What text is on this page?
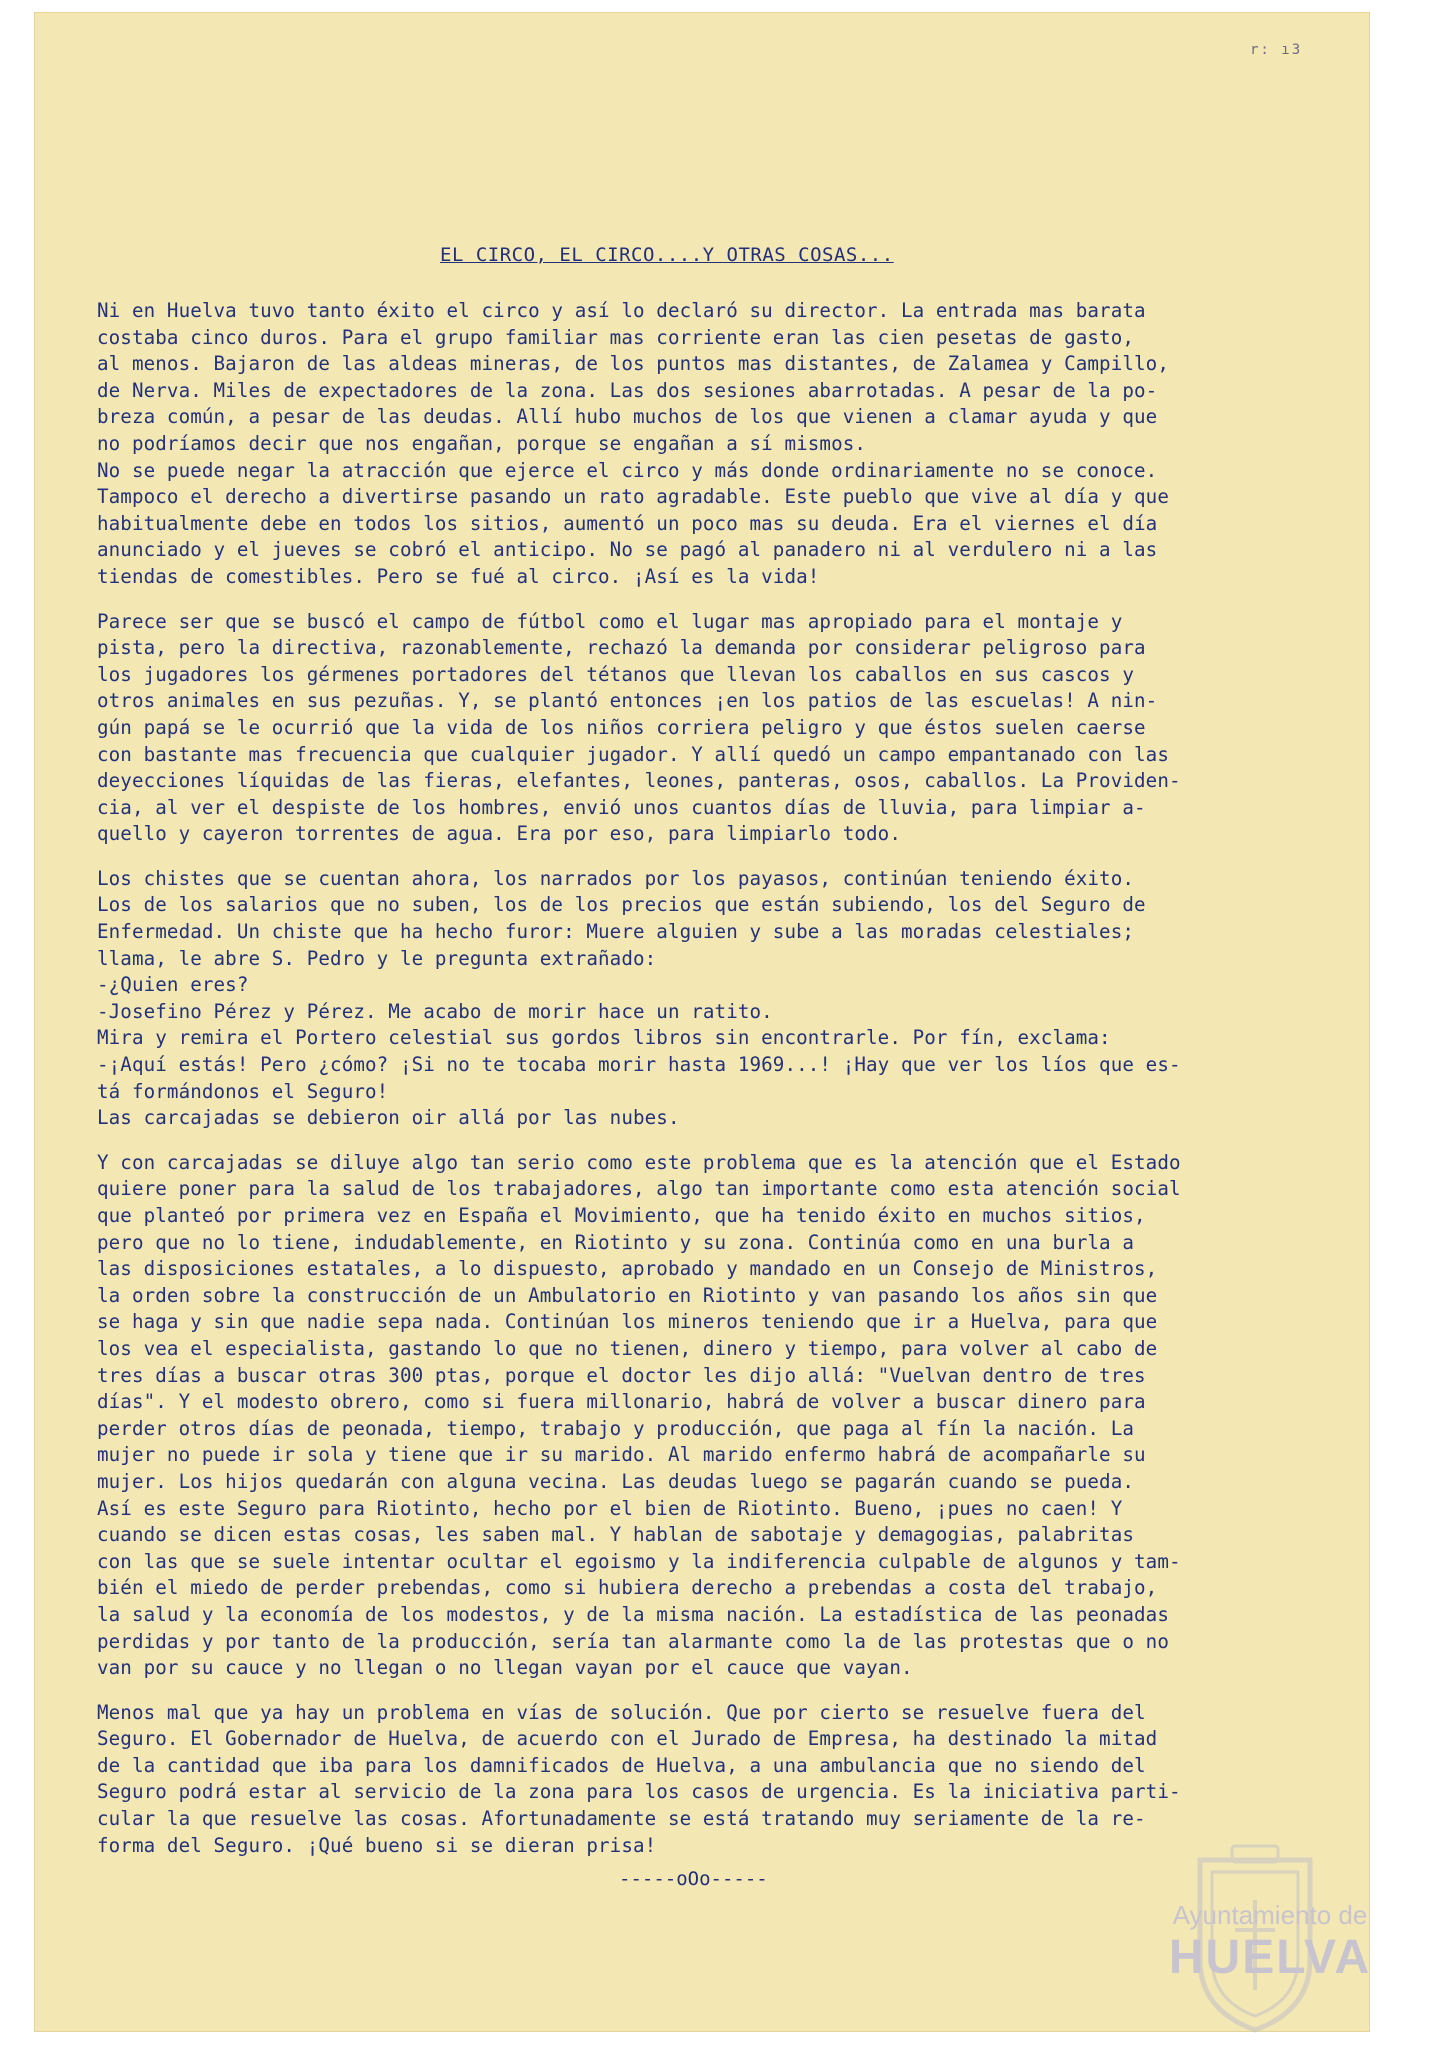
r: ı3
EL CIRCO, EL CIRCO....Y OTRAS COSAS...
Ni en Huelva tuvo tanto éxito el circo y así lo declaró su director. La entrada mas barata
costaba cinco duros. Para el grupo familiar mas corriente eran las cien pesetas de gasto,
al menos. Bajaron de las aldeas mineras, de los puntos mas distantes, de Zalamea y Campillo,
de Nerva. Miles de expectadores de la zona. Las dos sesiones abarrotadas. A pesar de la po-
breza común, a pesar de las deudas. Allí hubo muchos de los que vienen a clamar ayuda y que
no podríamos decir que nos engañan, porque se engañan a sí mismos.
No se puede negar la atracción que ejerce el circo y más donde ordinariamente no se conoce.
Tampoco el derecho a divertirse pasando un rato agradable. Este pueblo que vive al día y que
habitualmente debe en todos los sitios, aumentó un poco mas su deuda. Era el viernes el día
anunciado y el jueves se cobró el anticipo. No se pagó al panadero ni al verdulero ni a las
tiendas de comestibles. Pero se fué al circo. ¡Así es la vida!
Parece ser que se buscó el campo de fútbol como el lugar mas apropiado para el montaje y
pista, pero la directiva, razonablemente, rechazó la demanda por considerar peligroso para
los jugadores los gérmenes portadores del tétanos que llevan los caballos en sus cascos y
otros animales en sus pezuñas. Y, se plantó entonces ¡en los patios de las escuelas! A nin-
gún papá se le ocurrió que la vida de los niños corriera peligro y que éstos suelen caerse
con bastante mas frecuencia que cualquier jugador. Y allí quedó un campo empantanado con las
deyecciones líquidas de las fieras, elefantes, leones, panteras, osos, caballos. La Providen-
cia, al ver el despiste de los hombres, envió unos cuantos días de lluvia, para limpiar a-
quello y cayeron torrentes de agua. Era por eso, para limpiarlo todo.
Los chistes que se cuentan ahora, los narrados por los payasos, continúan teniendo éxito.
Los de los salarios que no suben, los de los precios que están subiendo, los del Seguro de
Enfermedad. Un chiste que ha hecho furor: Muere alguien y sube a las moradas celestiales;
llama, le abre S. Pedro y le pregunta extrañado:
-¿Quien eres?
-Josefino Pérez y Pérez. Me acabo de morir hace un ratito.
Mira y remira el Portero celestial sus gordos libros sin encontrarle. Por fín, exclama:
-¡Aquí estás! Pero ¿cómo? ¡Si no te tocaba morir hasta 1969...! ¡Hay que ver los líos que es-
tá formándonos el Seguro!
Las carcajadas se debieron oir allá por las nubes.
Y con carcajadas se diluye algo tan serio como este problema que es la atención que el Estado
quiere poner para la salud de los trabajadores, algo tan importante como esta atención social
que planteó por primera vez en España el Movimiento, que ha tenido éxito en muchos sitios,
pero que no lo tiene, indudablemente, en Riotinto y su zona. Continúa como en una burla a
las disposiciones estatales, a lo dispuesto, aprobado y mandado en un Consejo de Ministros,
la orden sobre la construcción de un Ambulatorio en Riotinto y van pasando los años sin que
se haga y sin que nadie sepa nada. Continúan los mineros teniendo que ir a Huelva, para que
los vea el especialista, gastando lo que no tienen, dinero y tiempo, para volver al cabo de
tres días a buscar otras 300 ptas, porque el doctor les dijo allá: "Vuelvan dentro de tres
días". Y el modesto obrero, como si fuera millonario, habrá de volver a buscar dinero para
perder otros días de peonada, tiempo, trabajo y producción, que paga al fín la nación. La
mujer no puede ir sola y tiene que ir su marido. Al marido enfermo habrá de acompañarle su
mujer. Los hijos quedarán con alguna vecina. Las deudas luego se pagarán cuando se pueda.
Así es este Seguro para Riotinto, hecho por el bien de Riotinto. Bueno, ¡pues no caen! Y
cuando se dicen estas cosas, les saben mal. Y hablan de sabotaje y demagogias, palabritas
con las que se suele intentar ocultar el egoismo y la indiferencia culpable de algunos y tam-
bién el miedo de perder prebendas, como si hubiera derecho a prebendas a costa del trabajo,
la salud y la economía de los modestos, y de la misma nación. La estadística de las peonadas
perdidas y por tanto de la producción, sería tan alarmante como la de las protestas que o no
van por su cauce y no llegan o no llegan vayan por el cauce que vayan.
Menos mal que ya hay un problema en vías de solución. Que por cierto se resuelve fuera del
Seguro. El Gobernador de Huelva, de acuerdo con el Jurado de Empresa, ha destinado la mitad
de la cantidad que iba para los damnificados de Huelva, a una ambulancia que no siendo del
Seguro podrá estar al servicio de la zona para los casos de urgencia. Es la iniciativa parti-
cular la que resuelve las cosas. Afortunadamente se está tratando muy seriamente de la re-
forma del Seguro. ¡Qué bueno si se dieran prisa!
-----oOo-----
Ayuntamiento de
HUELVA
